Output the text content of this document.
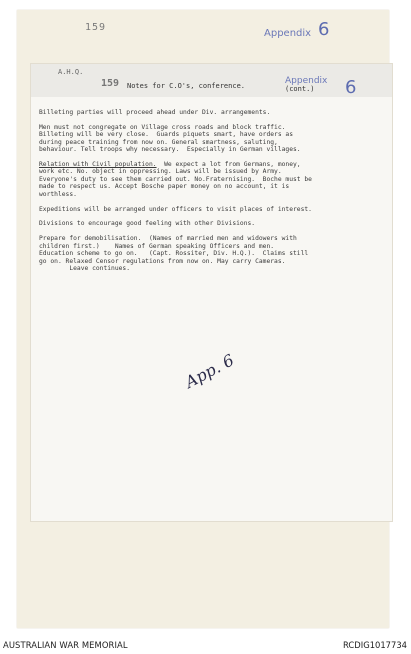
159
Appendix 6
A.H.Q.
159 Notes for C.O's, conference.	Appendix
(cont.) 6
Billeting parties will proceed ahead under Div. arrangements.
Men must not congregate on Village cross roads and block traffic.
Billeting will be very close.  Guards piquets smart, have orders as
during peace training from now on. General smartness, saluting,
behaviour. Tell troops why necessary.  Especially in German villages.
Relation with Civil population.  We expect a lot from Germans, money,
work etc. No. object in oppressing. Laws will be issued by Army.
Everyone's duty to see them carried out. No.Fraternising.  Boche must be
made to respect us. Accept Bosche paper money on no account, it is
worthless.
Expeditions will be arranged under officers to visit places of interest.
Divisions to encourage good feeling with other Divisions.
Prepare for demobilisation.  (Names of married men and widowers with
children first.)    Names of German speaking Officers and men.
Education scheme to go on.   (Capt. Rossiter, Div. H.Q.).  Claims still
go on. Relaxed Censor regulations from now on. May carry Cameras.
Leave continues.
App. 6
AUSTRALIAN WAR MEMORIAL	RCDIG1017734
